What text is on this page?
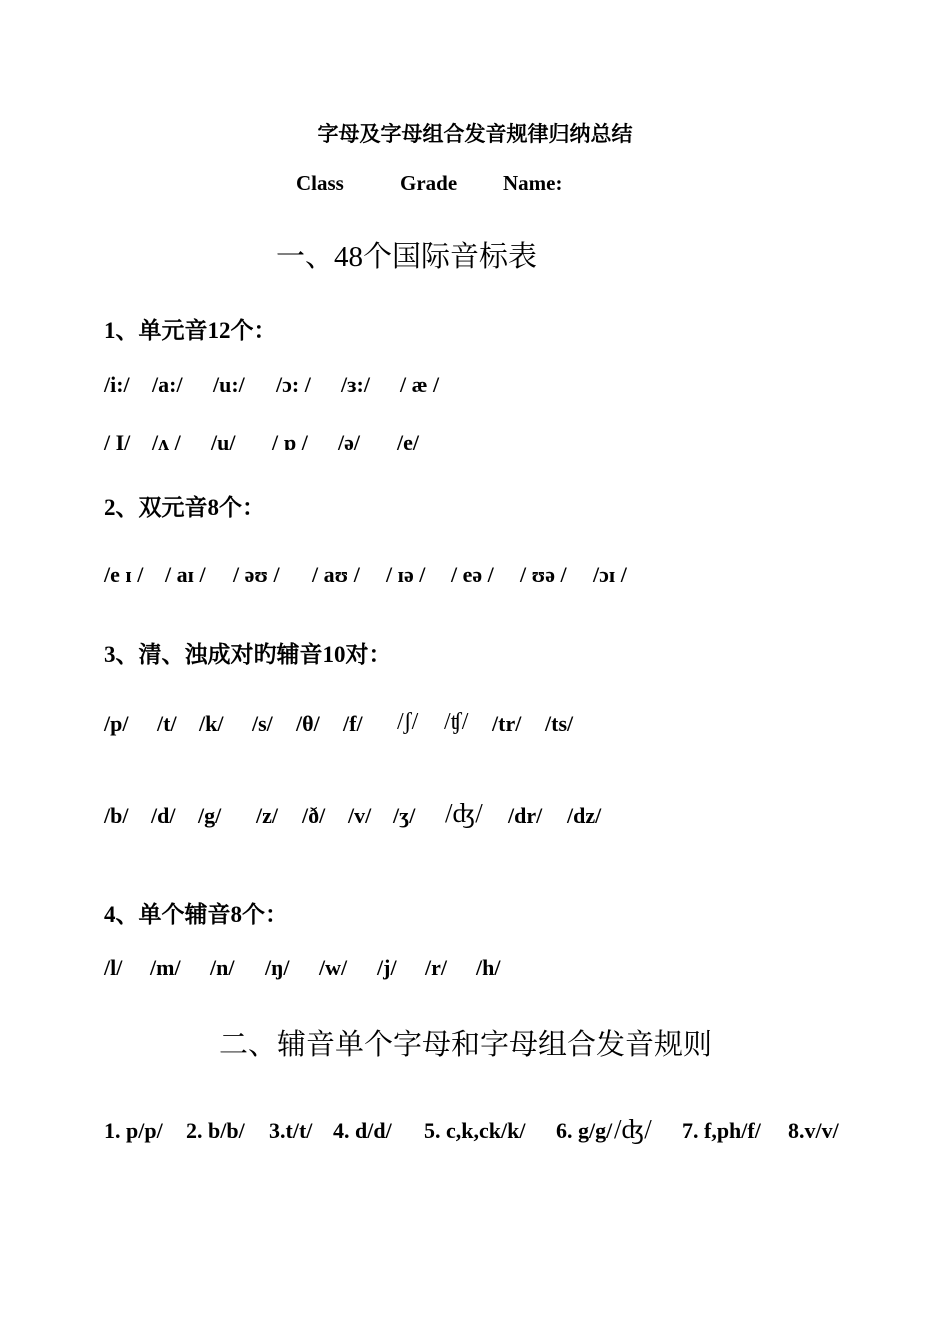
字母及字母组合发音规律归纳总结
Class	Grade Name:
一、48个国际音标表
1、单元音12个：
/i:/ /a:/ /u:/ /ɔ: / /ɜ:/ / æ /
/ I/ /ʌ / /u/ / ɒ / /ə/ /e/
2、双元音8个：
/e ɪ / / aɪ / / əʊ / / aʊ / / ɪə / / eə / / ʊə / /ɔɪ /
3、清、浊成对旳辅音10对：
/p/ /t/ /k/ /s/ /θ/ /f/ /ʃ/ /ʧ/ /tr/ /ts/
/b/ /d/ /g/ /z/ /ð/ /v/ /ʒ/ /ʤ/ /dr/ /dz/
4、单个辅音8个：
/l/ /m/ /n/ /ŋ/ /w/ /j/ /r/ /h/
二、辅音单个字母和字母组合发音规则
1. p/p/ 2. b/b/ 3.t/t/ 4. d/d/ 5. c,k,ck/k/ 6. g/g/ /ʤ/ 7. f,ph/f/ 8.v/v/
